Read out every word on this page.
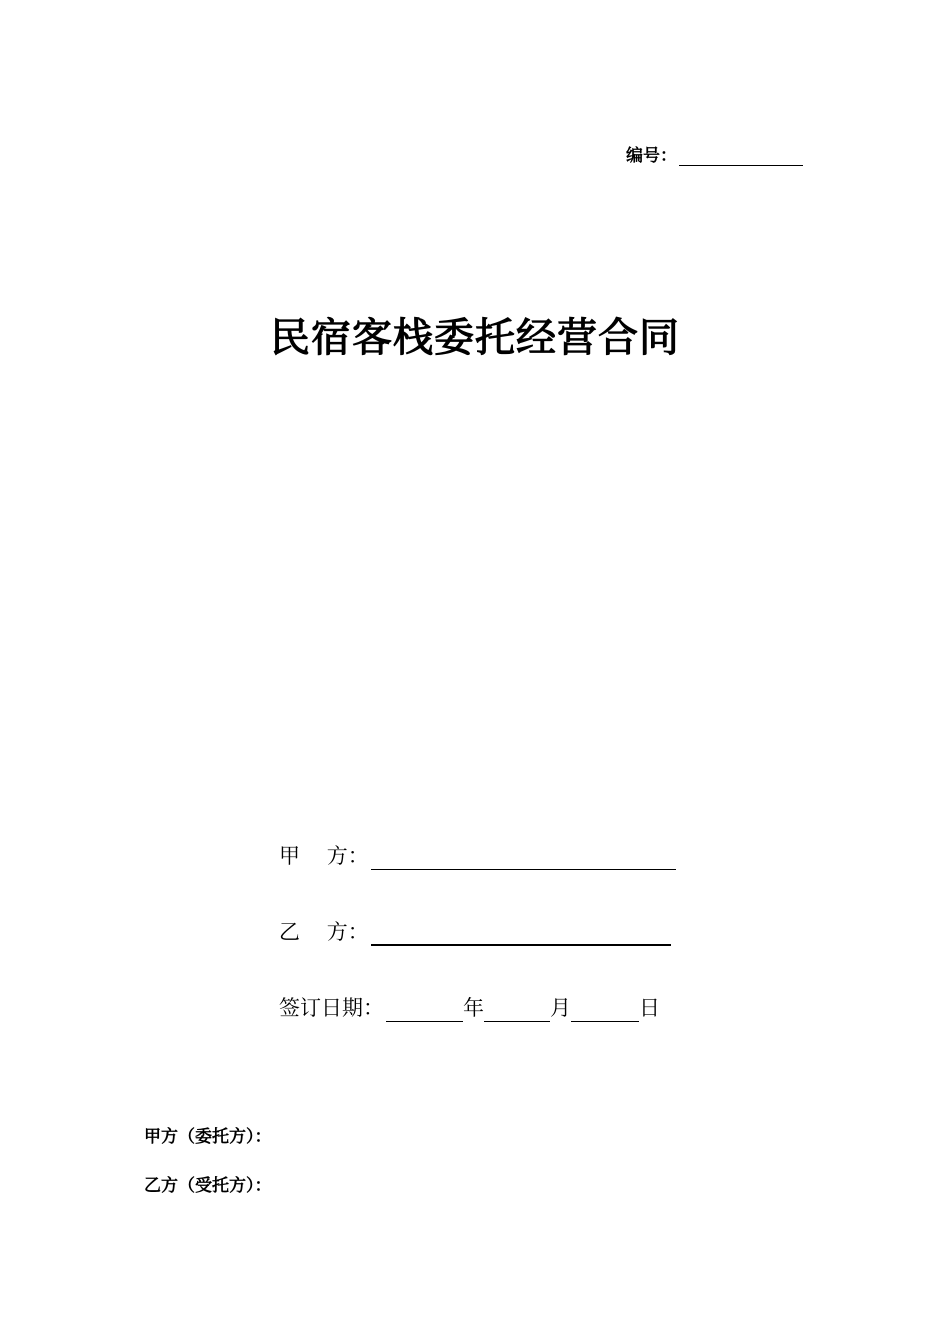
编号：
民宿客栈委托经营合同
甲    方：
乙    方：
签订日期：	年	月	日
甲方（委托方）：
乙方（受托方）：
